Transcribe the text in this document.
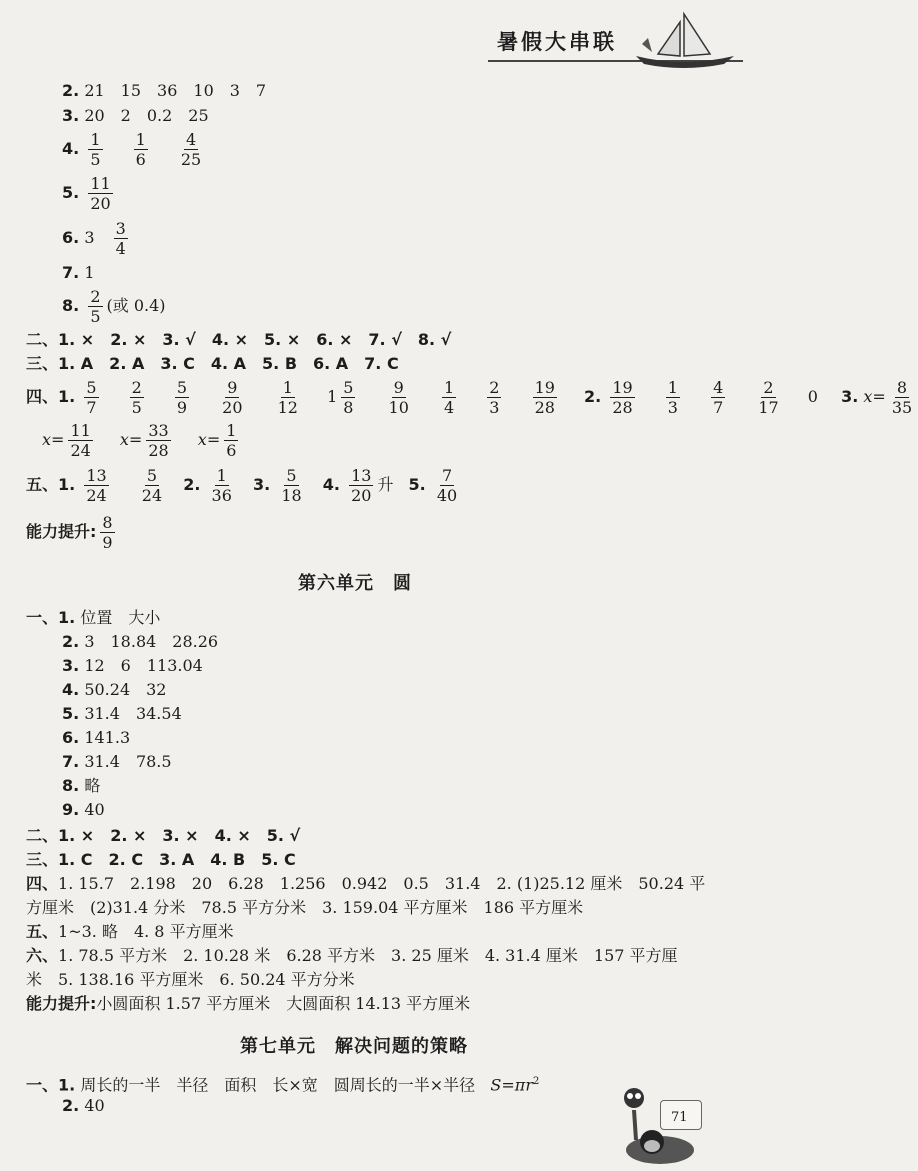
暑假大串联
2. 21　15　36　10　3　7
3. 20　2　0.2　25
4. $\frac{1}{5}$
$\frac{1}{6}$
$\frac{4}{25}$
5. $\frac{11}{20}$
6. $3 \frac{3}{4}$
7. 1
8. $\frac{2}{5}$ (或 0.4)
二、1. ×　2. ×　3. √　4. ×　5. ×　6. ×　7. √　8. √
三、1. A　2. A　3. C　4. A　5. B　6. A　7. C
四、1. $\frac{5}{7}$
$\frac{2}{5}$
$\frac{5}{9}$
$\frac{9}{20}$
$\frac{1}{12} 1 \frac{5}{8}$
$\frac{9}{10}$
$\frac{1}{4}$
$\frac{2}{3}$
$\frac{19}{28} 2$. $\frac{19}{28}$
$\frac{1}{3}$
$\frac{4}{7}$
$\frac{2}{17} 0$ 3. $x= \frac{8}{35}$
$x= \frac{11}{24} x= \frac{33}{28} x= \frac{1}{6}$
五、1. $\frac{13}{24}$
$\frac{5}{24} 2$. $\frac{1}{36} 3$. $\frac{5}{18} 4$. $\frac{13}{20}$ 升 5. $\frac{7}{40}$
能力提升: $\frac{8}{9}$
第六单元　圆
一、1. 位置　大小
2. 3　18.84　28.26
3. 12　6　113.04
4. 50.24　32
5. 31.4　34.54
6. 141.3
7. 31.4　78.5
8. 略
9. 40
二、1. ×　2. ×　3. ×　4. ×　5. √
三、1. C　2. C　3. A　4. B　5. C
四、1. 15.7　2.198　20　6.28　1.256　0.942　0.5　31.4　2. (1)25.12 厘米　50.24 平
方厘米　(2)31.4 分米　78.5 平方分米　3. 159.04 平方厘米　186 平方厘米
五、1~3. 略　4. 8 平方厘米
六、1. 78.5 平方米　2. 10.28 米　6.28 平方米　3. 25 厘米　4. 31.4 厘米　157 平方厘
米　5. 138.16 平方厘米　6. 50.24 平方分米
能力提升:小圆面积 1.57 平方厘米　大圆面积 14.13 平方厘米
第七单元　解决问题的策略
一、1. 周长的一半　半径　面积　长×宽　圆周长的一半×半径 $S=\pi r^2$
2. 40
71
